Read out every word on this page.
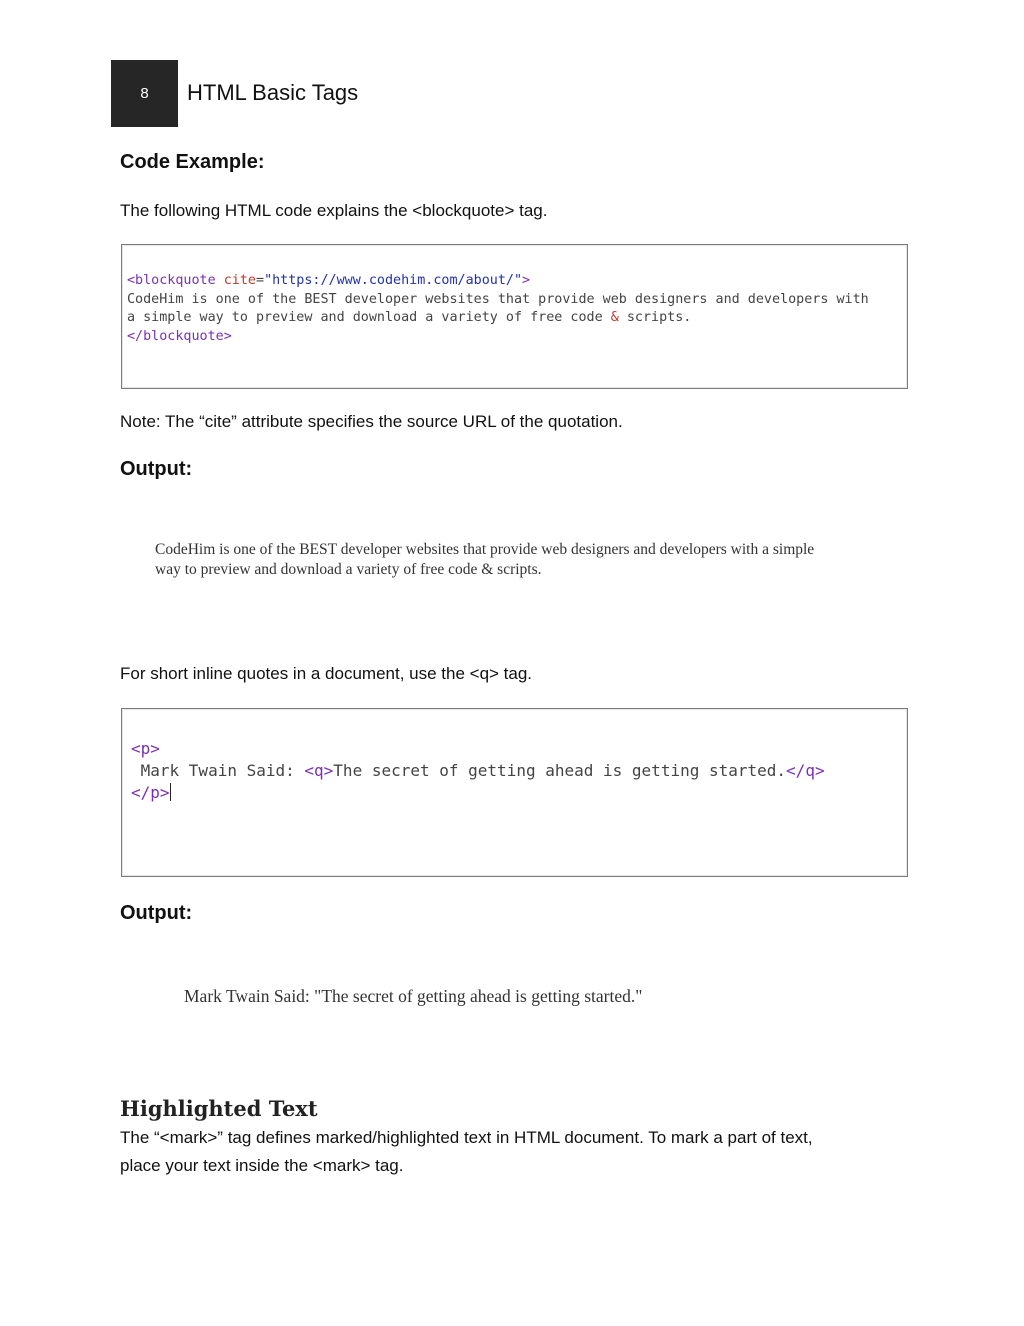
8 HTML Basic Tags
Code Example:
The following HTML code explains the <blockquote> tag.
<blockquote cite="https://www.codehim.com/about/">
CodeHim is one of the BEST developer websites that provide web designers and developers with
a simple way to preview and download a variety of free code & scripts.
</blockquote>
Note: The “cite” attribute specifies the source URL of the quotation.
Output:
CodeHim is one of the BEST developer websites that provide web designers and developers with a simple
way to preview and download a variety of free code & scripts.
For short inline quotes in a document, use the <q> tag.
<p>
Mark Twain Said: <q>The secret of getting ahead is getting started.</q>
</p>
Output:
Mark Twain Said: "The secret of getting ahead is getting started."
Highlighted Text
The “<mark>” tag defines marked/highlighted text in HTML document. To mark a part of text,
place your text inside the <mark> tag.
